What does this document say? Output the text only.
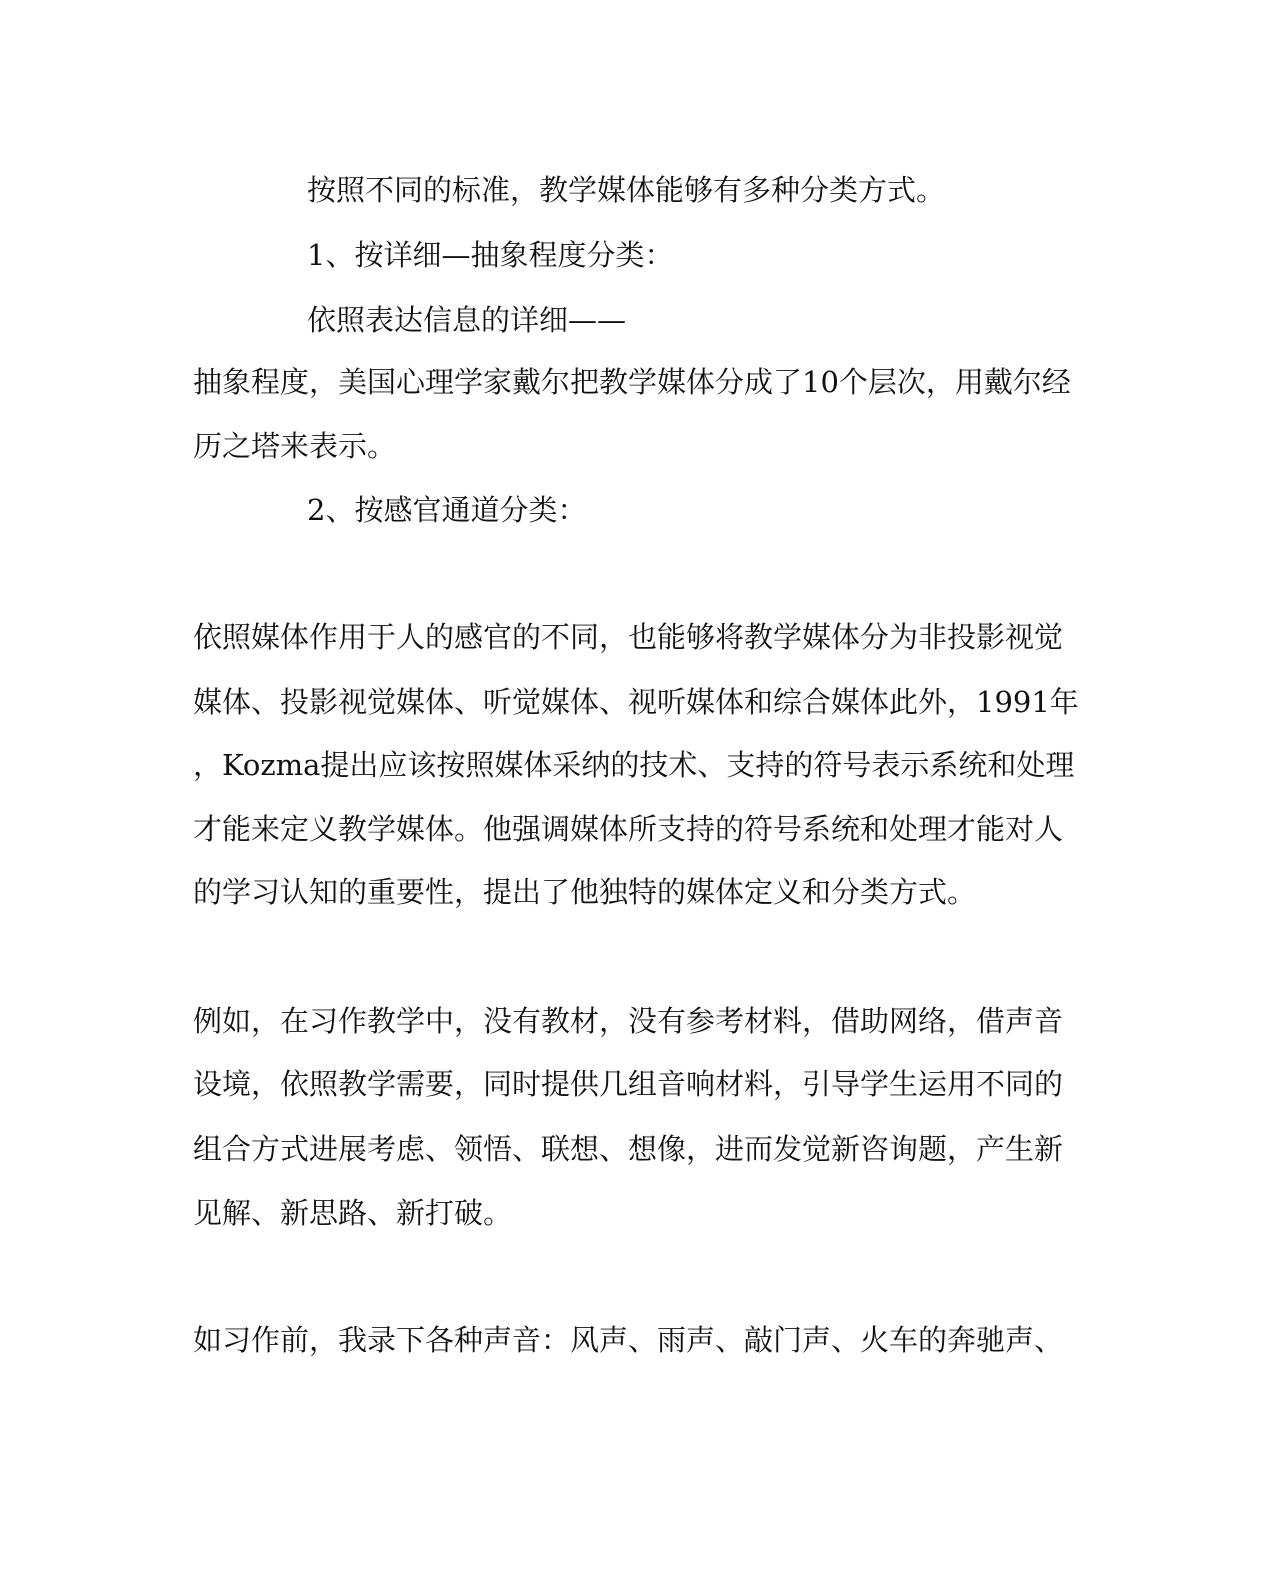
按照不同的标准，教学媒体能够有多种分类方式。

1、按详细—抽象程度分类：

依照表达信息的详细——

抽象程度，美国心理学家戴尔把教学媒体分成了10个层次，用戴尔经

历之塔来表示。

2、按感官通道分类：

依照媒体作用于人的感官的不同，也能够将教学媒体分为非投影视觉

媒体、投影视觉媒体、听觉媒体、视听媒体和综合媒体此外，1991年

，Kozma提出应该按照媒体采纳的技术、支持的符号表示系统和处理

才能来定义教学媒体。他强调媒体所支持的符号系统和处理才能对人

的学习认知的重要性，提出了他独特的媒体定义和分类方式。

例如，在习作教学中，没有教材，没有参考材料，借助网络，借声音

设境，依照教学需要，同时提供几组音响材料，引导学生运用不同的

组合方式进展考虑、领悟、联想、想像，进而发觉新咨询题，产生新

见解、新思路、新打破。

如习作前，我录下各种声音：风声、雨声、敲门声、火车的奔驰声、
